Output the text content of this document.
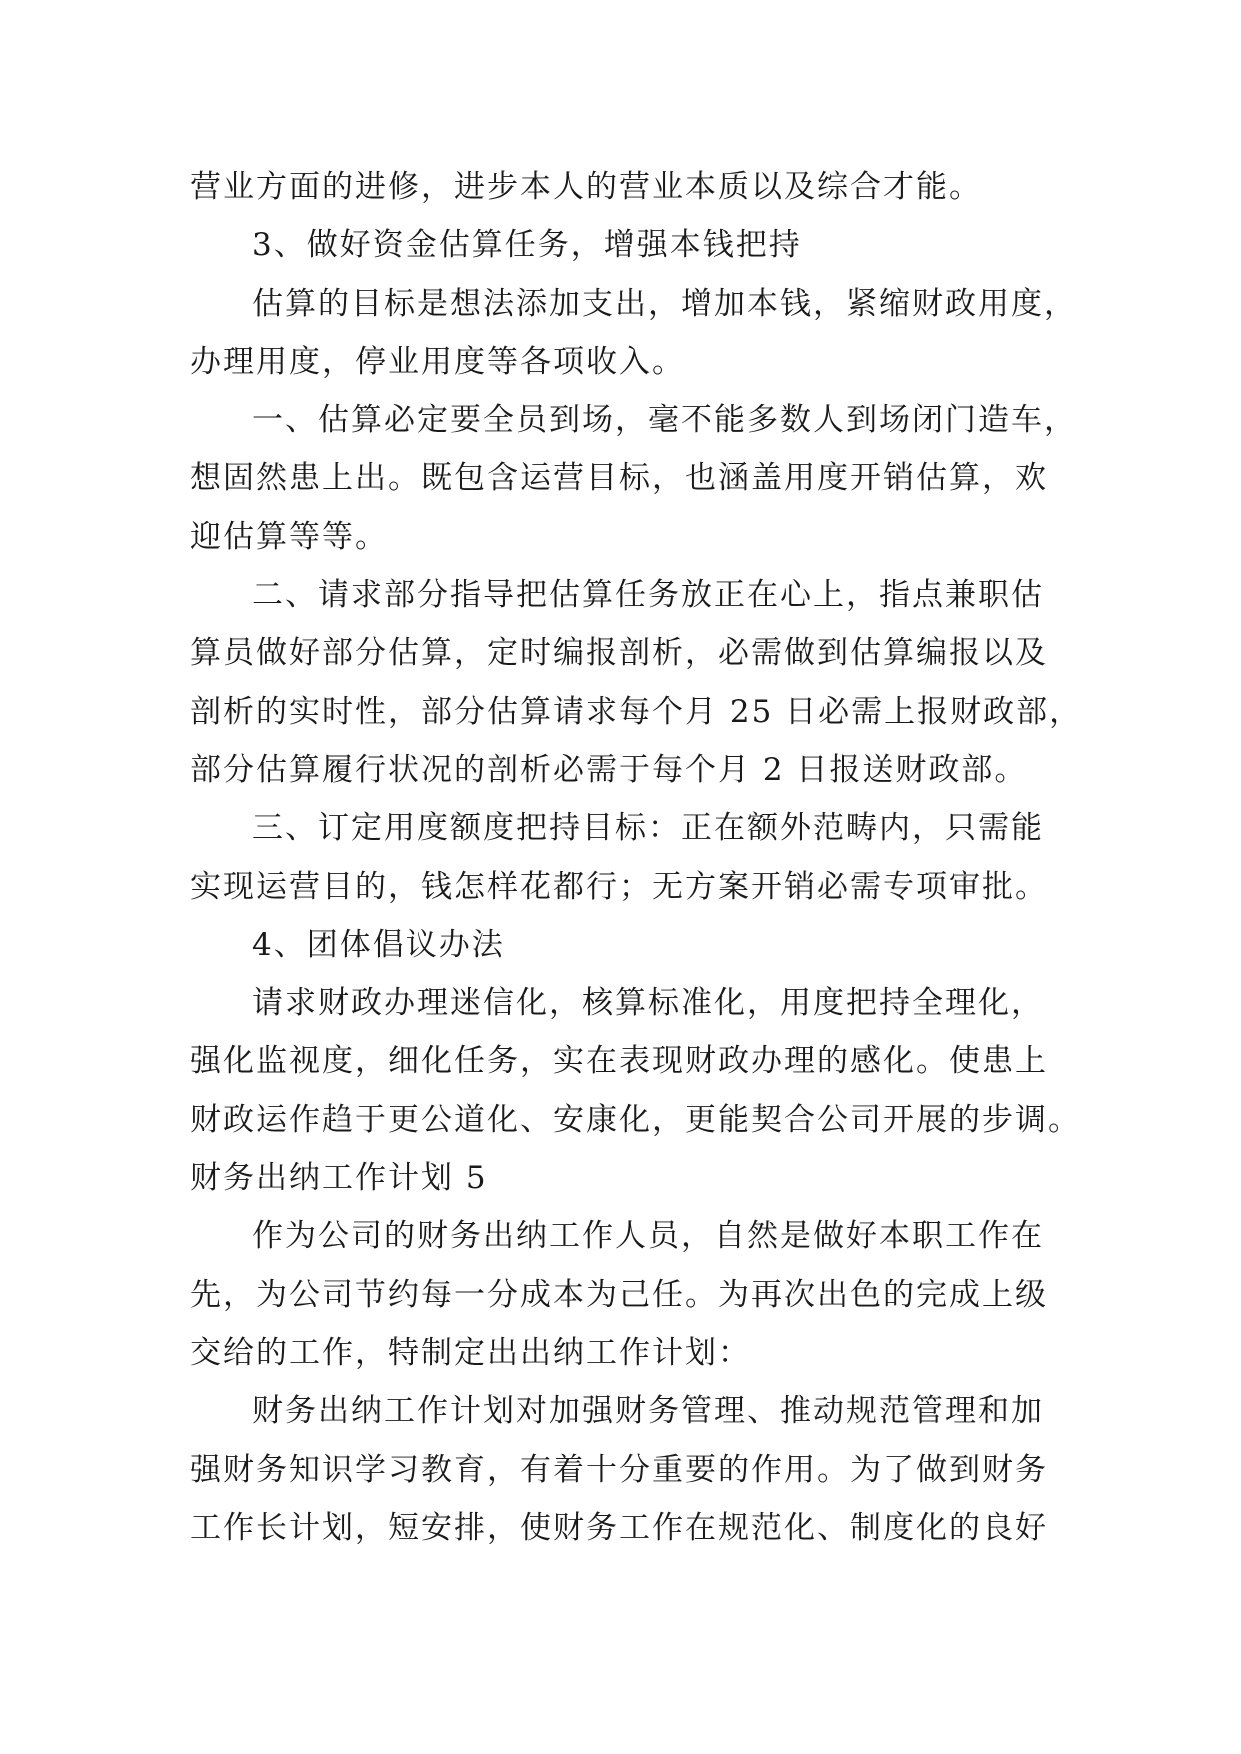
营业方面的进修，进步本人的营业本质以及综合才能。
3、做好资金估算任务，增强本钱把持
估算的目标是想法添加支出，增加本钱，紧缩财政用度，
办理用度，停业用度等各项收入。
一、估算必定要全员到场，毫不能多数人到场闭门造车，
想固然患上出。既包含运营目标，也涵盖用度开销估算，欢
迎估算等等。
二、请求部分指导把估算任务放正在心上，指点兼职估
算员做好部分估算，定时编报剖析，必需做到估算编报以及
剖析的实时性，部分估算请求每个月 25 日必需上报财政部，
部分估算履行状况的剖析必需于每个月 2 日报送财政部。
三、订定用度额度把持目标：正在额外范畴内，只需能
实现运营目的，钱怎样花都行；无方案开销必需专项审批。
4、团体倡议办法
请求财政办理迷信化，核算标准化，用度把持全理化，
强化监视度，细化任务，实在表现财政办理的感化。使患上
财政运作趋于更公道化、安康化，更能契合公司开展的步调。
财务出纳工作计划 5
作为公司的财务出纳工作人员，自然是做好本职工作在
先，为公司节约每一分成本为己任。为再次出色的完成上级
交给的工作，特制定出出纳工作计划：
财务出纳工作计划对加强财务管理、推动规范管理和加
强财务知识学习教育，有着十分重要的作用。为了做到财务
工作长计划，短安排，使财务工作在规范化、制度化的良好
